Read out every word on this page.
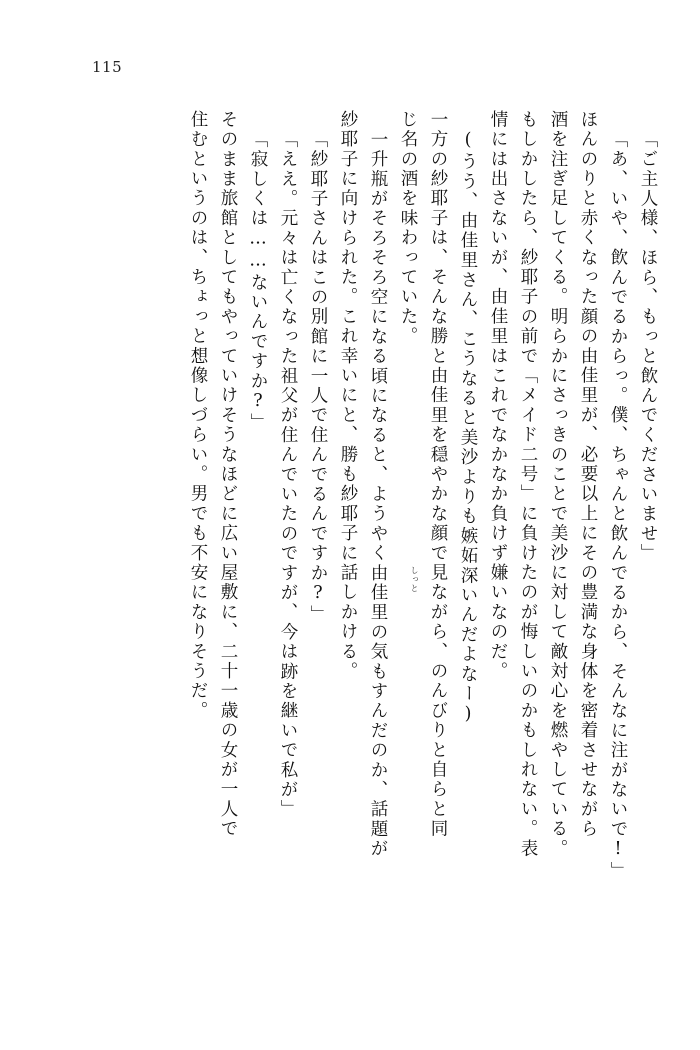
115
「ご主人様、ほら、もっと飲んでくださいませ」
「あ、いや、飲んでるからっ。僕、ちゃんと飲んでるから、そんなに注がないで!」
ほんのりと赤くなった顔の由佳里が、必要以上にその豊満な身体を密着させながら
酒を注ぎ足してくる。明らかにさっきのことで美沙に対して敵対心を燃やしている。
もしかしたら、紗耶子の前で「メイド二号」に負けたのが悔しいのかもしれない。表
情には出さないが、由佳里はこれでなかなか負けず嫌いなのだ。
(うう、由佳里さん、こうなると美沙よりも嫉妬深いんだよなー)
一方の紗耶子は、そんな勝と由佳里を穏やかな顔で見ながら、のんびりと自らと同
じ名の酒を味わっていた。
一升瓶がそろそろ空になる頃になると、ようやく由佳里の気もすんだのか、話題が
紗耶子に向けられた。これ幸いにと、勝も紗耶子に話しかける。
「紗耶子さんはこの別館に一人で住んでるんですか?」
「ええ。元々は亡くなった祖父が住んでいたのですが、今は跡を継いで私が」
「寂しくは……ないんですか?」
そのまま旅館としてもやっていけそうなほどに広い屋敷に、二十一歳の女が一人で
住むというのは、ちょっと想像しづらい。男でも不安になりそうだ。	しっと
